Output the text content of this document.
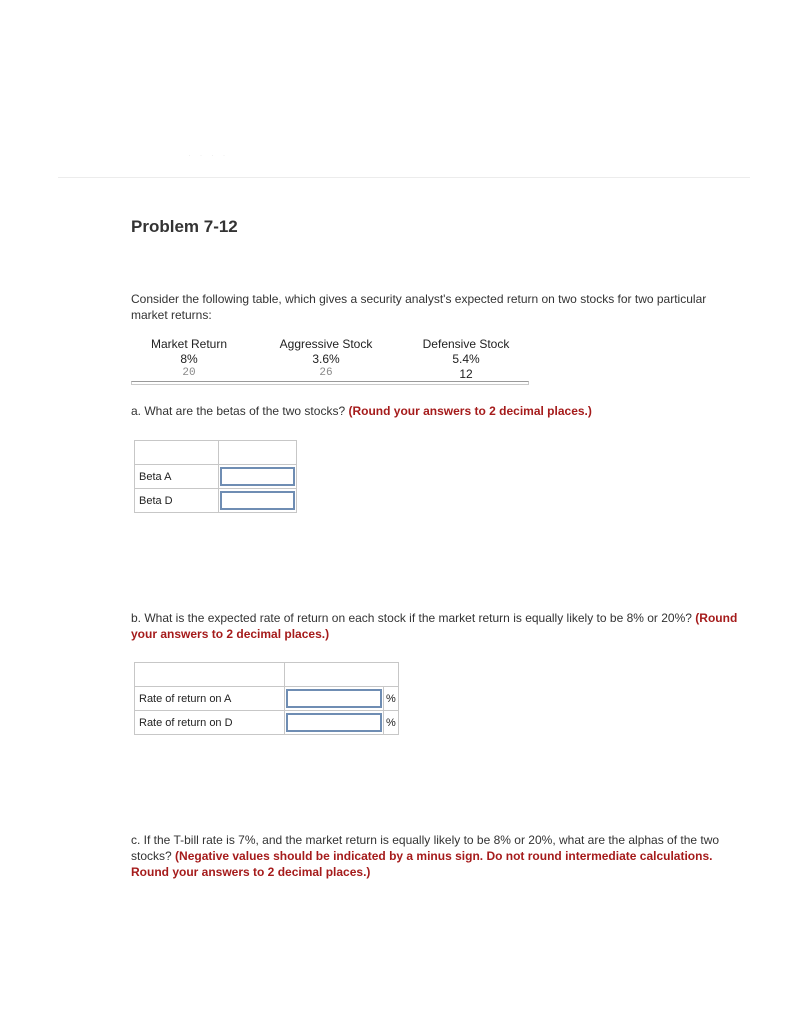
· · · ·
Problem 7-12
Consider the following table, which gives a security analyst's expected return on two stocks for two particular market returns:
Market Return	Aggressive Stock	Defensive Stock
8%	3.6%	5.4%
20	26	12
a. What are the betas of the two stocks? (Round your answers to 2 decimal places.)

Beta A	

Beta D	
b. What is the expected rate of return on each stock if the market return is equally likely to be 8% or 20%? (Round your answers to 2 decimal places.)

Rate of return on A		%
Rate of return on D		%
c. If the T-bill rate is 7%, and the market return is equally likely to be 8% or 20%, what are the alphas of the two stocks? (Negative values should be indicated by a minus sign. Do not round intermediate calculations. Round your answers to 2 decimal places.)
